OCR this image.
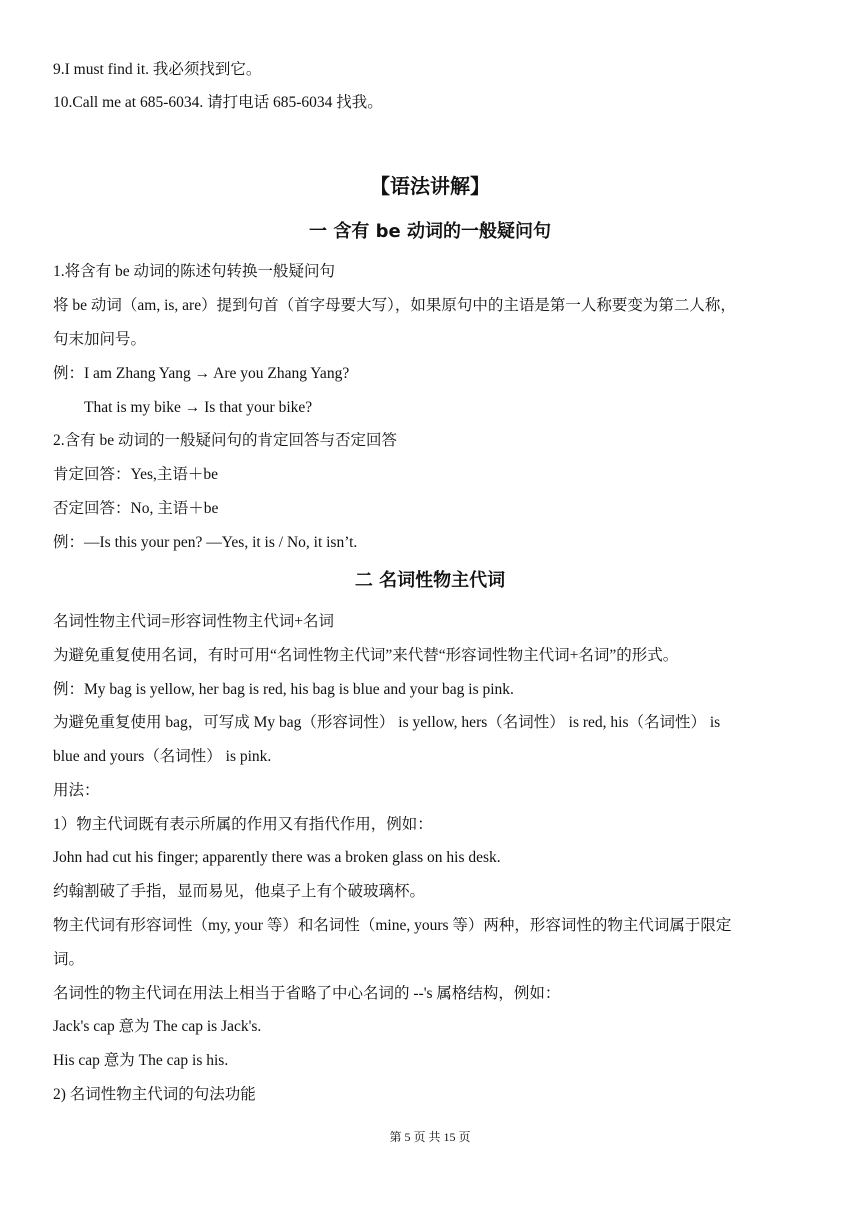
9.I must find it. 我必须找到它。
10.Call me at 685-6034. 请打电话 685-6034 找我。
【语法讲解】
一 含有 be 动词的一般疑问句
1.将含有 be 动词的陈述句转换一般疑问句
将 be 动词（am, is, are）提到句首（首字母要大写），如果原句中的主语是第一人称要变为第二人称，
句末加问号。
例：I am Zhang Yang → Are you Zhang Yang?
That is my bike → Is that your bike?
2.含有 be 动词的一般疑问句的肯定回答与否定回答
肯定回答：Yes,主语＋be
否定回答：No, 主语＋be
例：—Is this your pen? —Yes, it is / No, it isn’t.
二 名词性物主代词
名词性物主代词=形容词性物主代词+名词
为避免重复使用名词，有时可用“名词性物主代词”来代替“形容词性物主代词+名词”的形式。
例：My bag is yellow, her bag is red, his bag is blue and your bag is pink.
为避免重复使用 bag，可写成 My bag（形容词性） is yellow, hers（名词性） is red, his（名词性） is
blue and yours（名词性） is pink.
用法：
1）物主代词既有表示所属的作用又有指代作用，例如：
John had cut his finger; apparently there was a broken glass on his desk.
约翰割破了手指，显而易见，他桌子上有个破玻璃杯。
物主代词有形容词性（my, your 等）和名词性（mine, yours 等）两种，形容词性的物主代词属于限定
词。
名词性的物主代词在用法上相当于省略了中心名词的 --'s 属格结构，例如：
Jack's cap 意为 The cap is Jack's.
His cap 意为 The cap is his.
2) 名词性物主代词的句法功能
第 5 页 共 15 页
